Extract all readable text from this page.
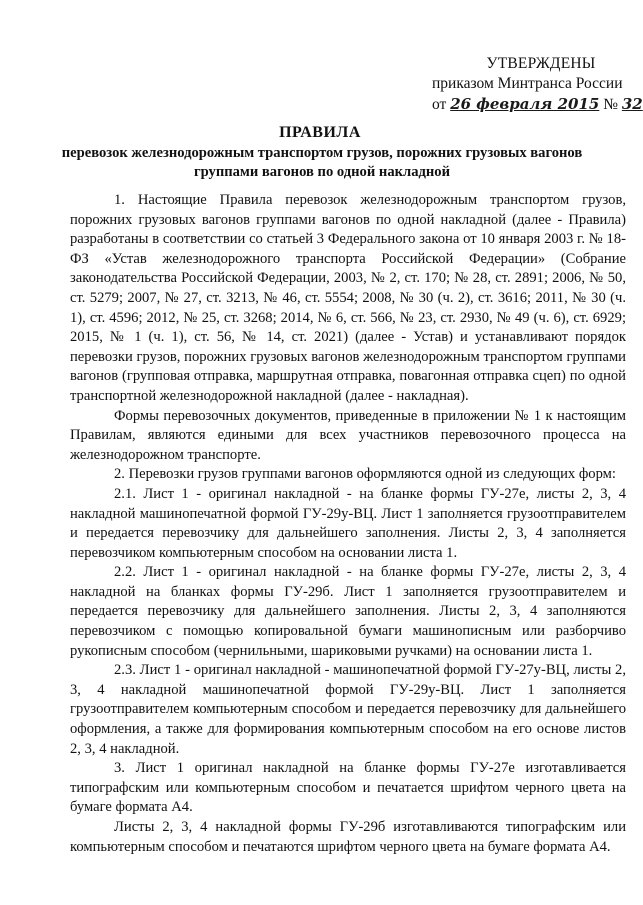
УТВЕРЖДЕНЫ
приказом Минтранса России
от 26 февраля 2015 № 32
ПРАВИЛА
перевозок железнодорожным транспортом грузов, порожних грузовых вагонов группами вагонов по одной накладной

1. Настоящие Правила перевозок железнодорожным транспортом грузов, порожних грузовых вагонов группами вагонов по одной накладной (далее - Правила) разработаны в соответствии со статьей 3 Федерального закона от 10 января 2003 г. № 18-ФЗ «Устав железнодорожного транспорта Российской Федерации» (Собрание законодательства Российской Федерации, 2003, № 2, ст. 170; № 28, ст. 2891; 2006, № 50, ст. 5279; 2007, № 27, ст. 3213, № 46, ст. 5554; 2008, № 30 (ч. 2), ст. 3616; 2011, № 30 (ч. 1), ст. 4596; 2012, № 25, ст. 3268; 2014, № 6, ст. 566, № 23, ст. 2930, № 49 (ч. 6), ст. 6929; 2015, № 1 (ч. 1), ст. 56, № 14, ст. 2021) (далее - Устав) и устанавливают порядок перевозки грузов, порожних грузовых вагонов железнодорожным транспортом группами вагонов (групповая отправка, маршрутная отправка, повагонная отправка сцеп) по одной транспортной железнодорожной накладной (далее - накладная).

Формы перевозочных документов, приведенные в приложении № 1 к настоящим Правилам, являются едиными для всех участников перевозочного процесса на железнодорожном транспорте.

2. Перевозки грузов группами вагонов оформляются одной из следующих форм:

2.1. Лист 1 - оригинал накладной - на бланке формы ГУ-27е, листы 2, 3, 4 накладной машинопечатной формой ГУ-29у-ВЦ. Лист 1 заполняется грузоотправителем и передается перевозчику для дальнейшего заполнения. Листы 2, 3, 4 заполняется перевозчиком компьютерным способом на основании листа 1.

2.2. Лист 1 - оригинал накладной - на бланке формы ГУ-27е, листы 2, 3, 4 накладной на бланках формы ГУ-29б. Лист 1 заполняется грузоотправителем и передается перевозчику для дальнейшего заполнения. Листы 2, 3, 4 заполняются перевозчиком с помощью копировальной бумаги машинописным или разборчиво рукописным способом (чернильными, шариковыми ручками) на основании листа 1.

2.3. Лист 1 - оригинал накладной - машинопечатной формой ГУ-27у-ВЦ, листы 2, 3, 4 накладной машинопечатной формой ГУ-29у-ВЦ. Лист 1 заполняется грузоотправителем компьютерным способом и передается перевозчику для дальнейшего оформления, а также для формирования компьютерным способом на его основе листов 2, 3, 4 накладной.

3. Лист 1 оригинал накладной на бланке формы ГУ-27е изготавливается типографским или компьютерным способом и печатается шрифтом черного цвета на бумаге формата А4.

Листы 2, 3, 4 накладной формы ГУ-29б изготавливаются типографским или компьютерным способом и печатаются шрифтом черного цвета на бумаге формата А4.
